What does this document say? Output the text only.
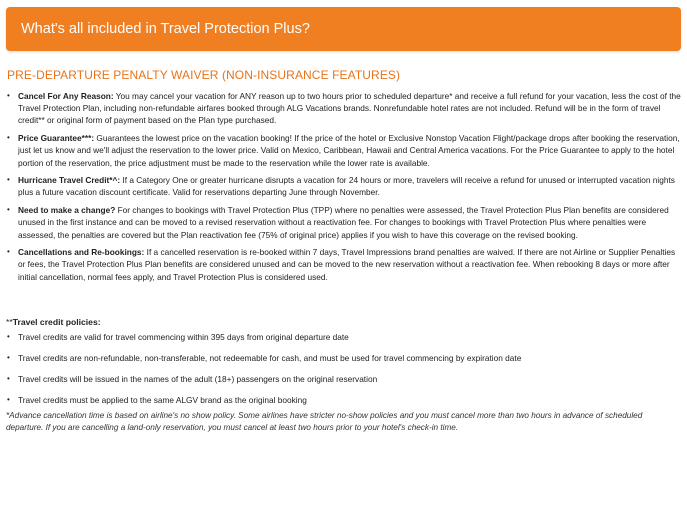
What's all included in Travel Protection Plus?
PRE-DEPARTURE PENALTY WAIVER (NON-INSURANCE FEATURES)
• Cancel For Any Reason: You may cancel your vacation for ANY reason up to two hours prior to scheduled departure* and receive a full refund for your vacation, less the cost of the Travel Protection Plan, including non-refundable airfares booked through ALG Vacations brands. Nonrefundable hotel rates are not included. Refund will be in the form of travel credit** or original form of payment based on the Plan type purchased.
• Price Guarantee***: Guarantees the lowest price on the vacation booking! If the price of the hotel or Exclusive Nonstop Vacation Flight/package drops after booking the reservation, just let us know and we'll adjust the reservation to the lower price. Valid on Mexico, Caribbean, Hawaii and Central America vacations. For the Price Guarantee to apply to the hotel portion of the reservation, the price adjustment must be made to the reservation while the lower rate is available.
• Hurricane Travel Credit*^: If a Category One or greater hurricane disrupts a vacation for 24 hours or more, travelers will receive a refund for unused or interrupted vacation nights plus a future vacation discount certificate. Valid for reservations departing June through November.
• Need to make a change? For changes to bookings with Travel Protection Plus (TPP) where no penalties were assessed, the Travel Protection Plus Plan benefits are considered unused in the first instance and can be moved to a revised reservation without a reactivation fee. For changes to bookings with Travel Protection Plus where penalties were assessed, the penalties are covered but the Plan reactivation fee (75% of original price) applies if you wish to have this coverage on the revised booking.
• Cancellations and Re-bookings: If a cancelled reservation is re-booked within 7 days, Travel Impressions brand penalties are waived. If there are not Airline or Supplier Penalties or fees, the Travel Protection Plus Plan benefits are considered unused and can be moved to the new reservation without a reactivation fee. When rebooking 8 days or more after initial cancellation, normal fees apply, and Travel Protection Plus is considered used.
**Travel credit policies:
• Travel credits are valid for travel commencing within 395 days from original departure date
• Travel credits are non-refundable, non-transferable, not redeemable for cash, and must be used for travel commencing by expiration date
• Travel credits will be issued in the names of the adult (18+) passengers on the original reservation
• Travel credits must be applied to the same ALGV brand as the original booking
*Advance cancellation time is based on airline's no show policy. Some airlines have stricter no-show policies and you must cancel more than two hours in advance of scheduled departure. If you are cancelling a land-only reservation, you must cancel at least two hours prior to your hotel's check-in time.
